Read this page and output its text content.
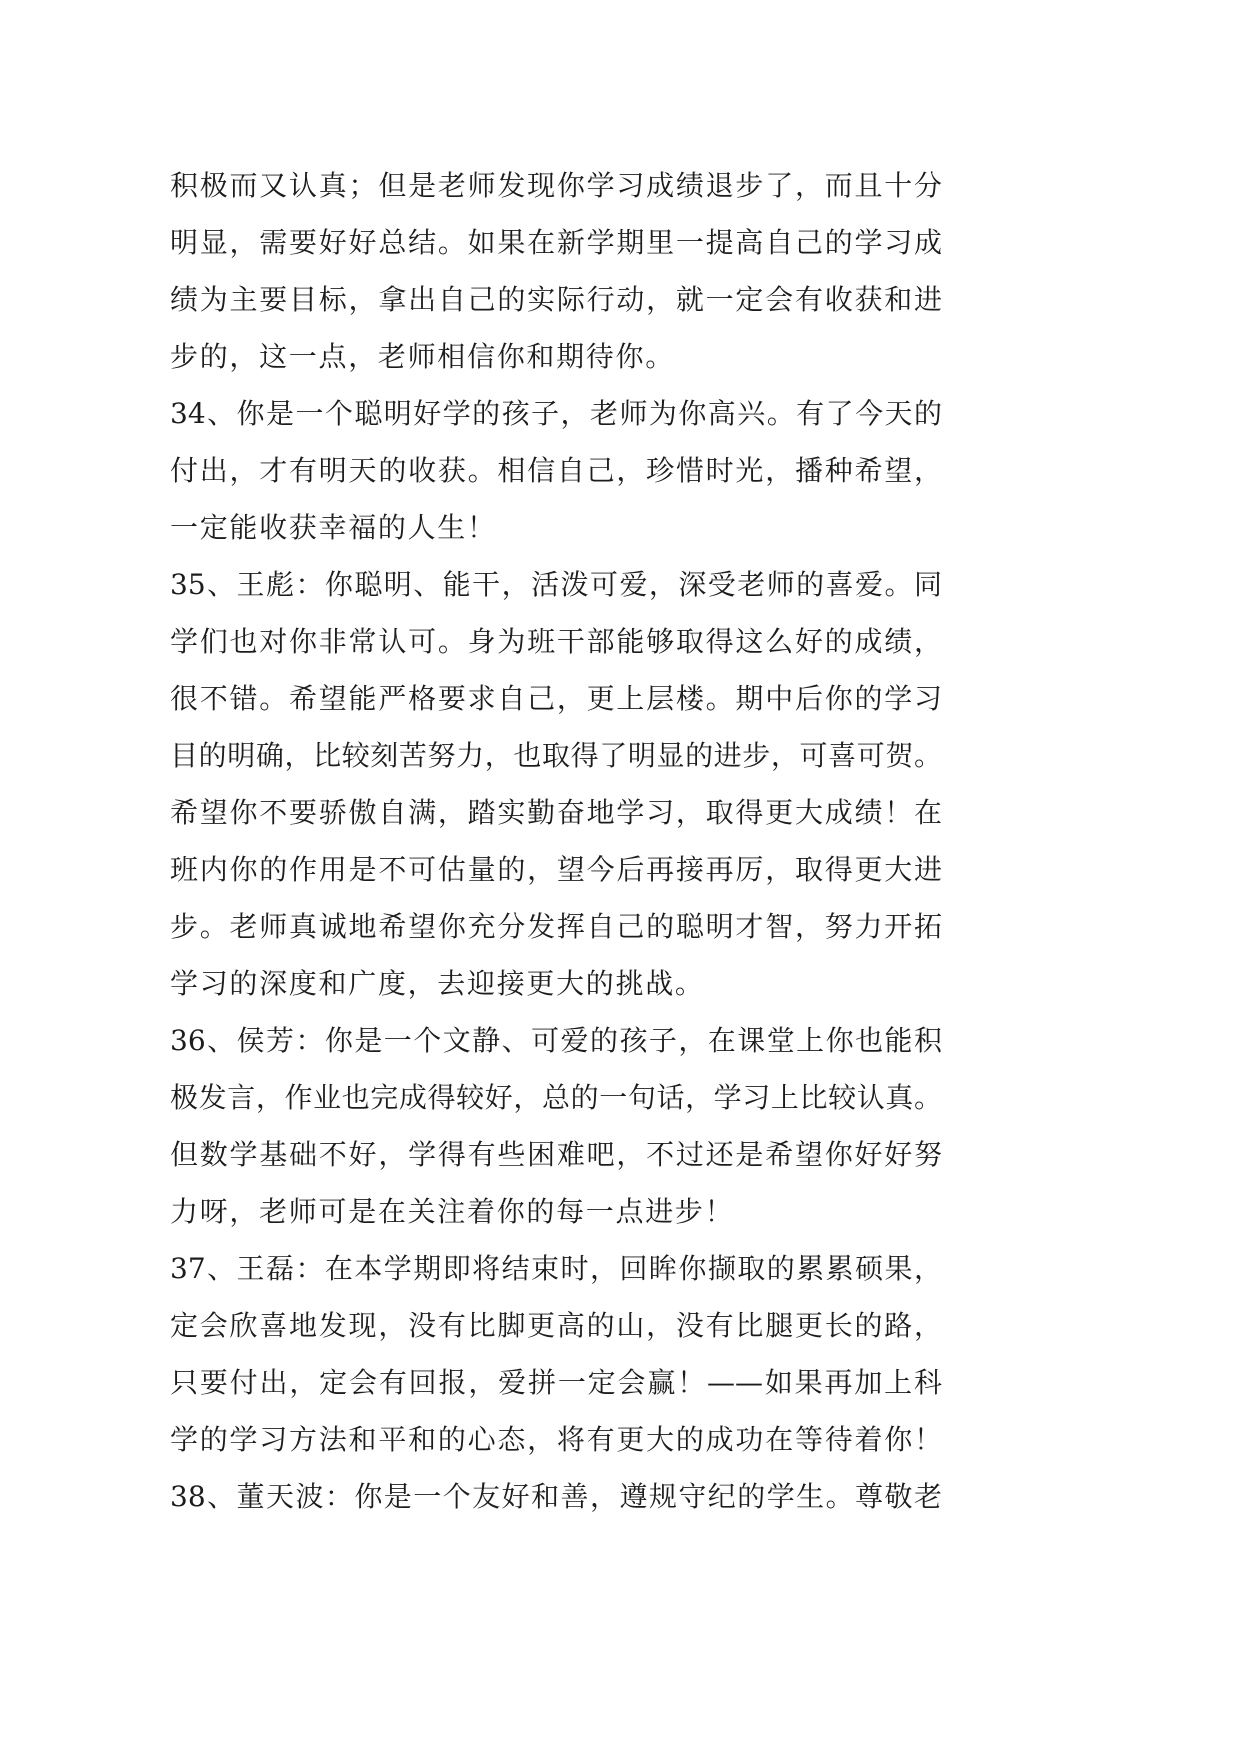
积极而又认真；但是老师发现你学习成绩退步了，而且十分
明显，需要好好总结。如果在新学期里一提高自己的学习成
绩为主要目标，拿出自己的实际行动，就一定会有收获和进
步的，这一点，老师相信你和期待你。
34、你是一个聪明好学的孩子，老师为你高兴。有了今天的
付出，才有明天的收获。相信自己，珍惜时光，播种希望，
一定能收获幸福的人生！
35、王彪：你聪明、能干，活泼可爱，深受老师的喜爱。同
学们也对你非常认可。身为班干部能够取得这么好的成绩，
很不错。希望能严格要求自己，更上层楼。期中后你的学习
目的明确，比较刻苦努力，也取得了明显的进步，可喜可贺。
希望你不要骄傲自满，踏实勤奋地学习，取得更大成绩！在
班内你的作用是不可估量的，望今后再接再厉，取得更大进
步。老师真诚地希望你充分发挥自己的聪明才智，努力开拓
学习的深度和广度，去迎接更大的挑战。
36、侯芳：你是一个文静、可爱的孩子，在课堂上你也能积
极发言，作业也完成得较好，总的一句话，学习上比较认真。
但数学基础不好，学得有些困难吧，不过还是希望你好好努
力呀，老师可是在关注着你的每一点进步！
37、王磊：在本学期即将结束时，回眸你撷取的累累硕果，
定会欣喜地发现，没有比脚更高的山，没有比腿更长的路，
只要付出，定会有回报，爱拼一定会赢！——如果再加上科
学的学习方法和平和的心态，将有更大的成功在等待着你！
38、董天波：你是一个友好和善，遵规守纪的学生。尊敬老
